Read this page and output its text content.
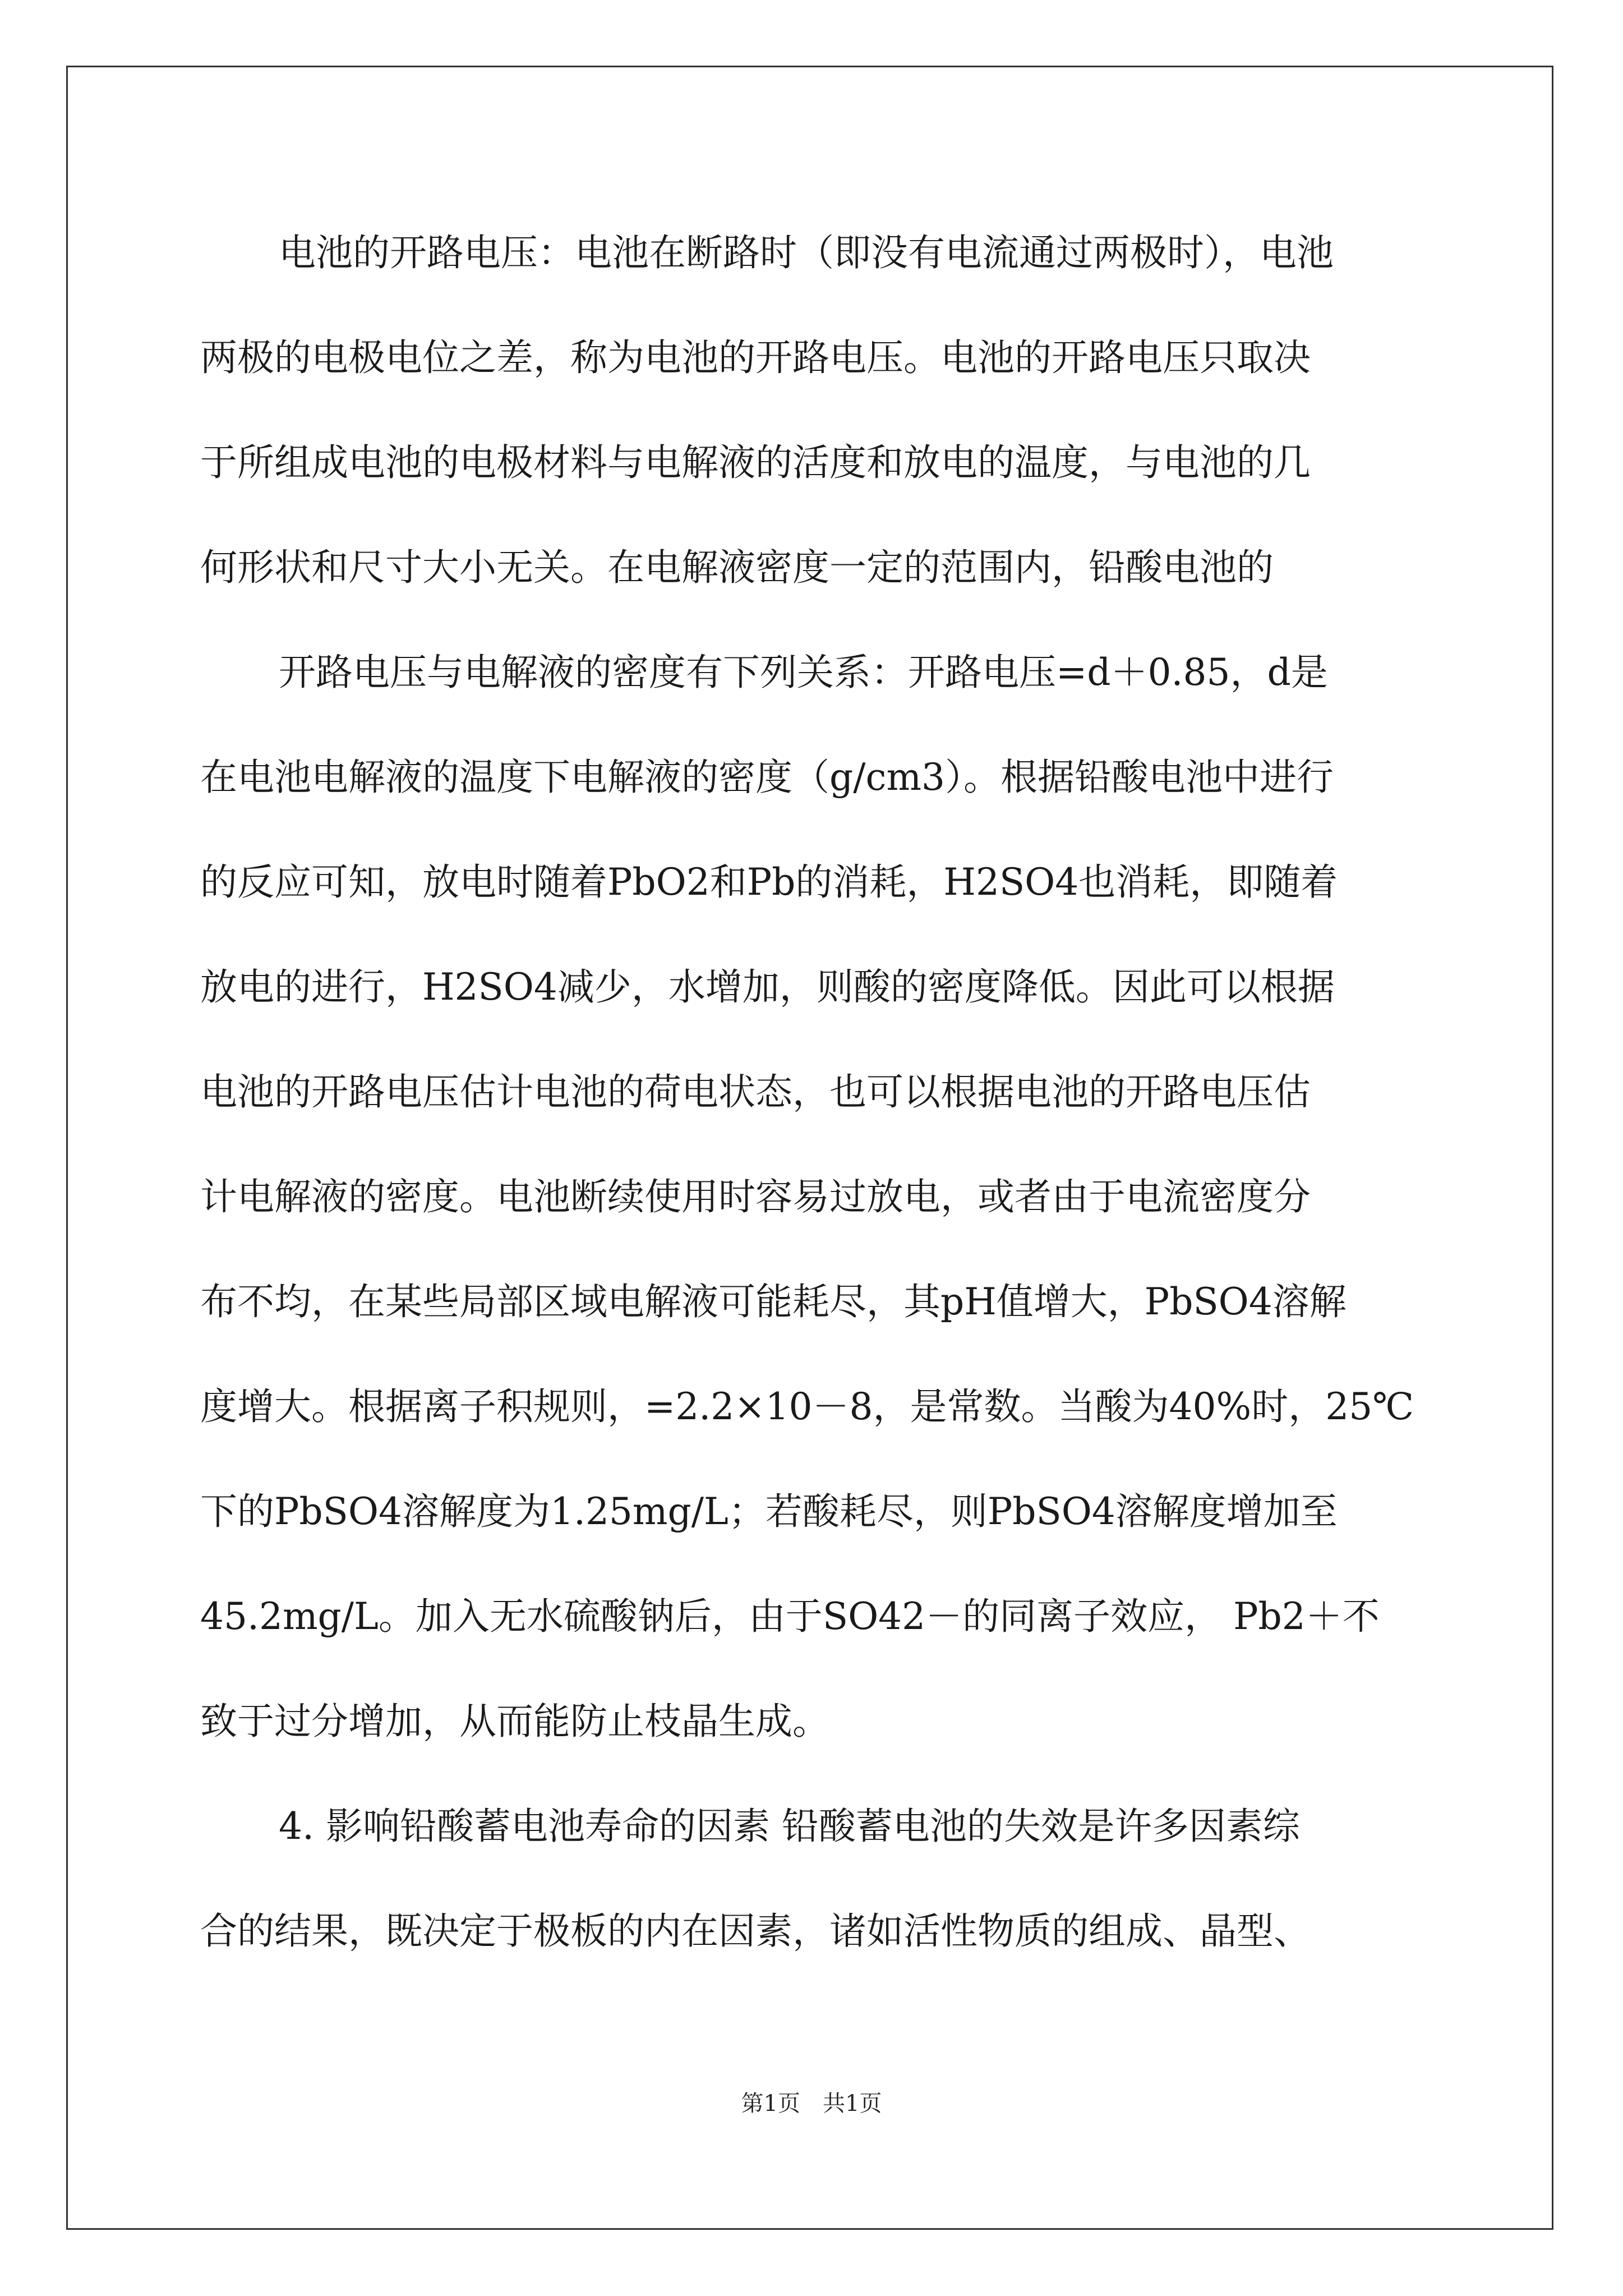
电池的开路电压：电池在断路时（即没有电流通过两极时），电池
两极的电极电位之差，称为电池的开路电压。电池的开路电压只取决
于所组成电池的电极材料与电解液的活度和放电的温度，与电池的几
何形状和尺寸大小无关。在电解液密度一定的范围内，铅酸电池的
开路电压与电解液的密度有下列关系：开路电压=d＋0.85，d是
在电池电解液的温度下电解液的密度（g/cm3）。根据铅酸电池中进行
的反应可知，放电时随着PbO2和Pb的消耗，H2SO4也消耗，即随着
放电的进行，H2SO4减少，水增加，则酸的密度降低。因此可以根据
电池的开路电压估计电池的荷电状态，也可以根据电池的开路电压估
计电解液的密度。电池断续使用时容易过放电，或者由于电流密度分
布不均，在某些局部区域电解液可能耗尽，其pH值增大，PbSO4溶解
度增大。根据离子积规则，=2.2×10－8，是常数。当酸为40%时，25℃
下的PbSO4溶解度为1.25mg/L；若酸耗尽，则PbSO4溶解度增加至
45.2mg/L。加入无水硫酸钠后，由于SO42－的同离子效应， Pb2＋不
致于过分增加，从而能防止枝晶生成。
4. 影响铅酸蓄电池寿命的因素 铅酸蓄电池的失效是许多因素综
合的结果，既决定于极板的内在因素，诸如活性物质的组成、晶型、
第1页　共1页
